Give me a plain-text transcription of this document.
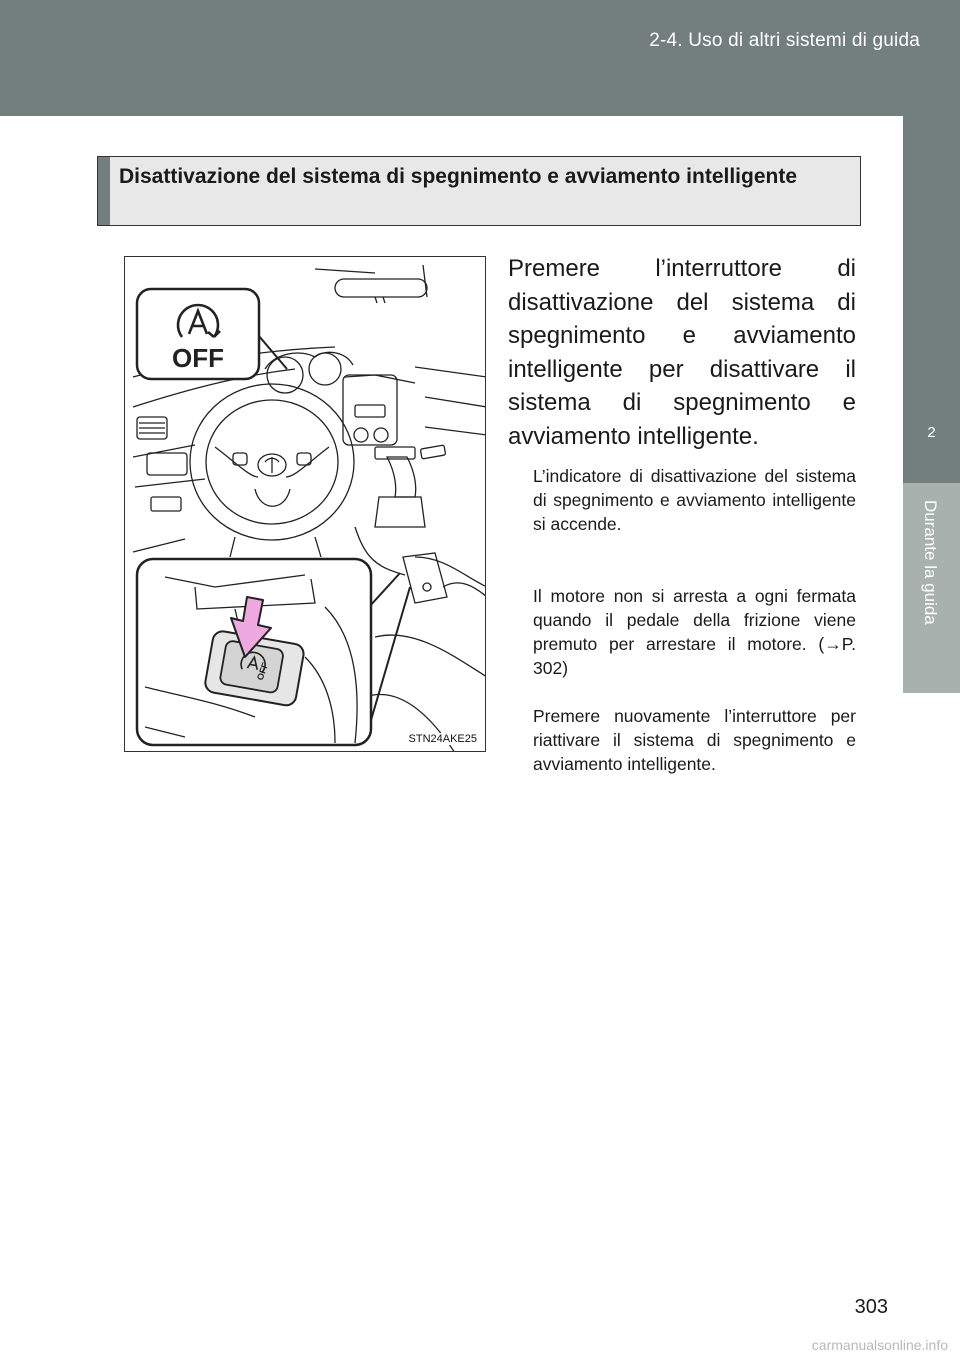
2-4. Uso di altri sistemi di guida
2
Durante la guida
Disattivazione del sistema di spegnimento e avviamento intelligente
OFF
OFF
STN24AKE25
Premere l’interruttore di disattivazione del sistema di spegnimento e avviamento intelligente per disattivare il sistema di spegnimento e avviamento intelligente.
L’indicatore di disattivazione del sistema di spegnimento e avviamento intelligente si accende.
Il motore non si arresta a ogni fermata quando il pedale della frizione viene premuto per arrestare il motore. (→P. 302)
Premere nuovamente l’interruttore per riattivare il sistema di spegnimento e avviamento intelligente.
303
carmanualsonline.info
